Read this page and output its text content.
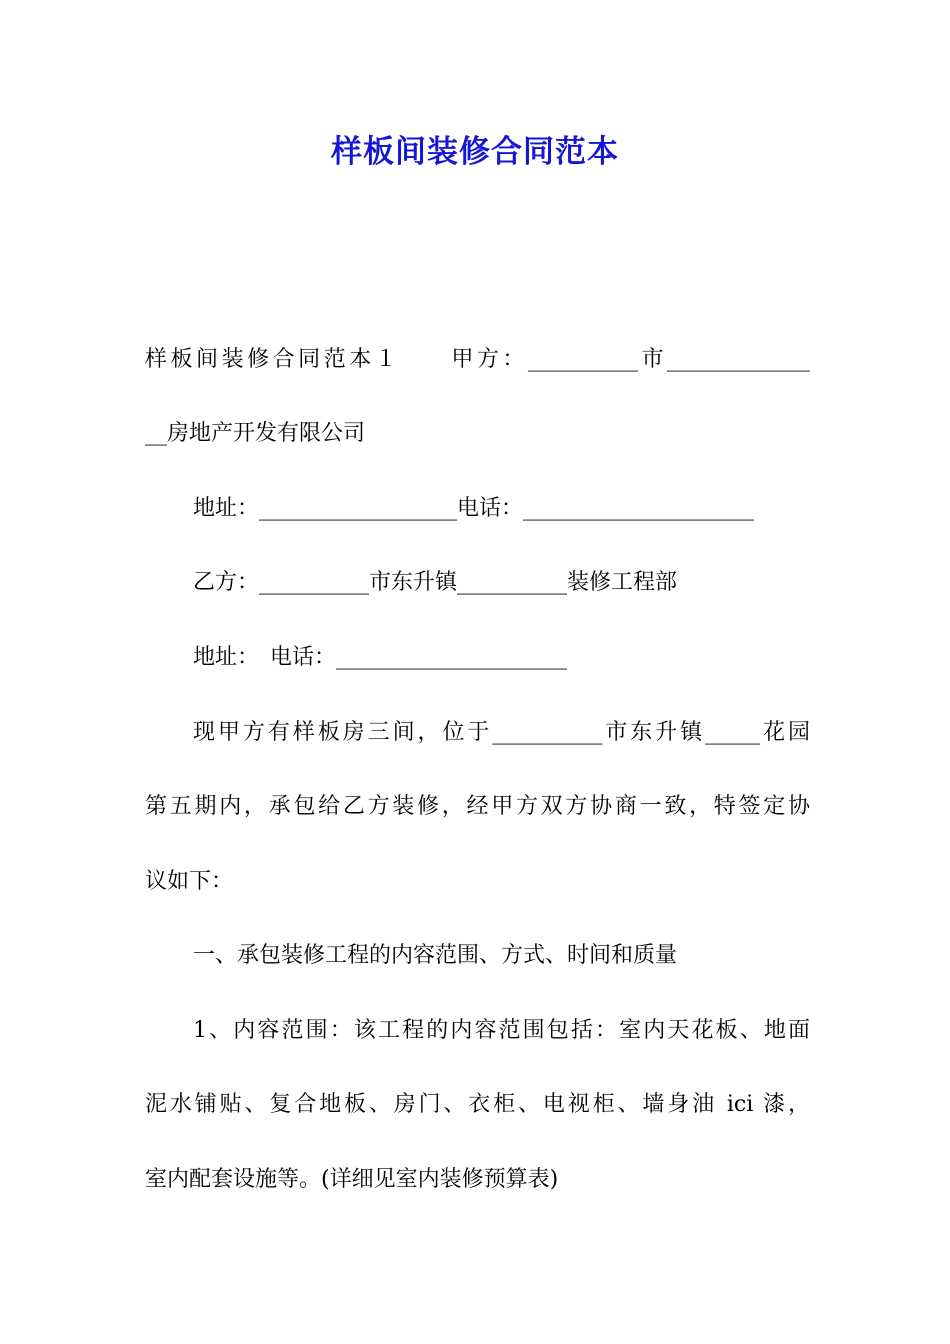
样板间装修合同范本
样板间装修合同范本１　　甲方：__________市_____________
__房地产开发有限公司
地址：__________________电话：_____________________
乙方：__________市东升镇__________装修工程部
地址：　电话：_____________________
现甲方有样板房三间，位于__________市东升镇_____花园
第五期内，承包给乙方装修，经甲方双方协商一致，特签定协
议如下：
一、承包装修工程的内容范围、方式、时间和质量
1、内容范围：该工程的内容范围包括：室内天花板、地面
泥水铺贴、复合地板、房门、衣柜、电视柜、墙身油 ici 漆，
室内配套设施等。(详细见室内装修预算表)
